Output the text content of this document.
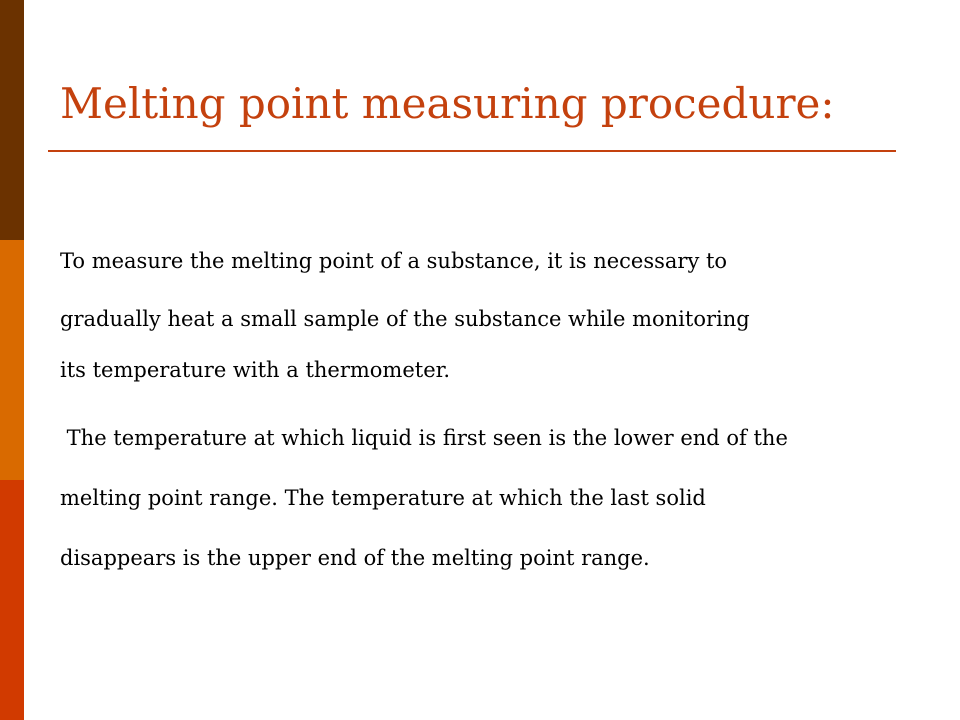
Melting point measuring procedure:

To measure the melting point of a substance, it is necessary to
gradually heat a small sample of the substance while monitoring
its temperature with a thermometer.

The temperature at which liquid is first seen is the lower end of the
melting point range. The temperature at which the last solid
disappears is the upper end of the melting point range.
